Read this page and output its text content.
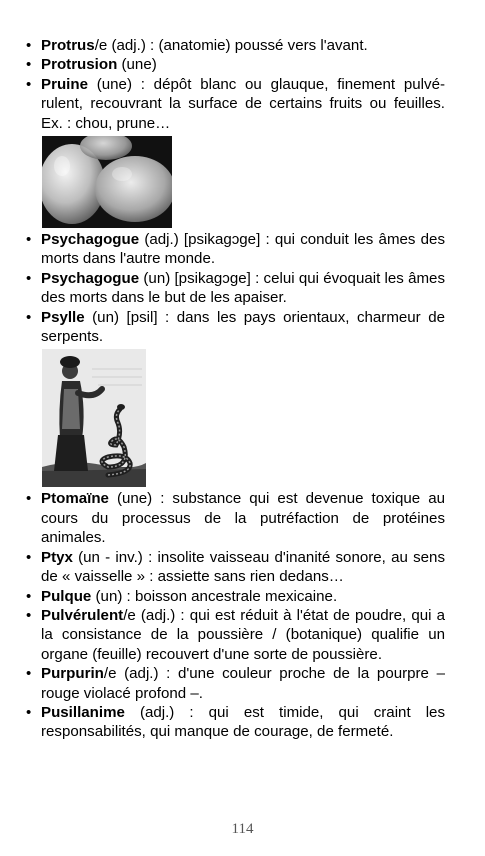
• Protrus/e (adj.) : (anatomie) poussé vers l'avant.
• Protrusion (une)
• Pruine (une) : dépôt blanc ou glauque, finement pulvé-rulent, recouvrant la surface de certains fruits ou feuilles. Ex. : chou, prune…
• Psychagogue (adj.) [psikagɔge] : qui conduit les âmes des morts dans l'autre monde.
• Psychagogue (un) [psikagɔge] : celui qui évoquait les âmes des morts dans le but de les apaiser.
• Psylle (un) [psil] : dans les pays orientaux, charmeur de serpents.
• Ptomaïne (une) : substance qui est devenue toxique au cours du processus de la putréfaction de protéines animales.
• Ptyx (un - inv.) : insolite vaisseau d'inanité sonore, au sens de « vaisselle » : assiette sans rien dedans…
• Pulque (un) : boisson ancestrale mexicaine.
• Pulvérulent/e (adj.) : qui est réduit à l'état de poudre, qui a la consistance de la poussière / (botanique) qualifie un organe (feuille) recouvert d'une sorte de poussière.
• Purpurin/e (adj.) : d'une couleur proche de la pourpre – rouge violacé profond –.
• Pusillanime (adj.) : qui est timide, qui craint les responsabilités, qui manque de courage, de fermeté.
114
